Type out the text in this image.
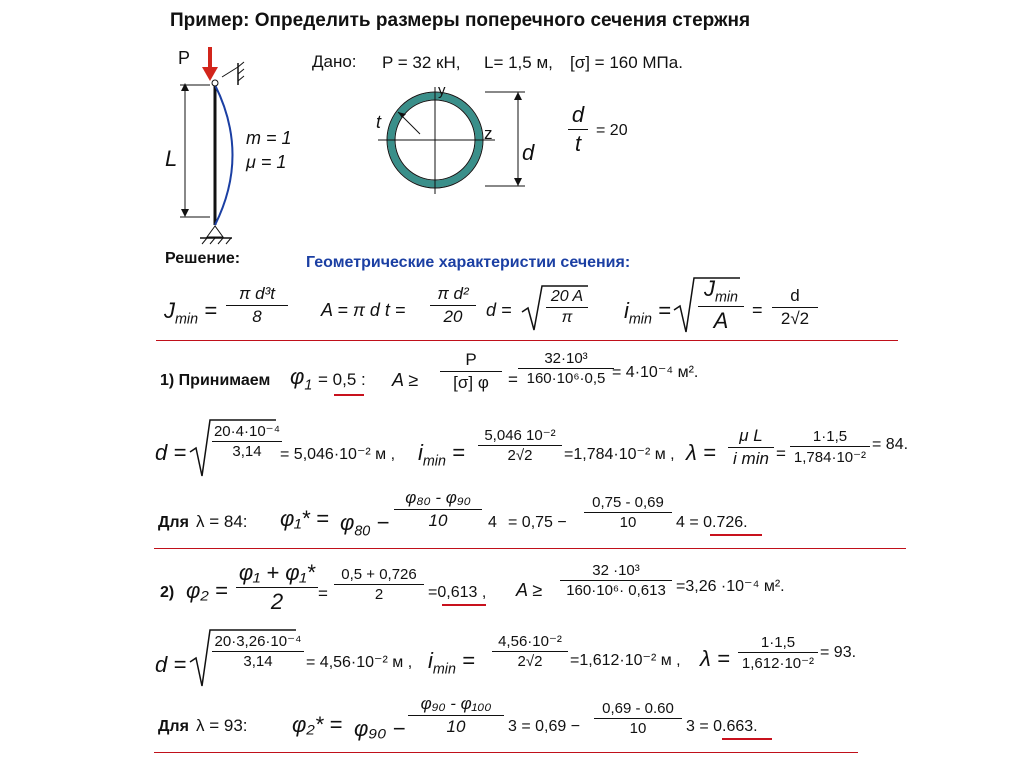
Пример: Определить размеры поперечного сечения стержня
P
L
m = 1
μ = 1
Дано: P = 32 кН, L= 1,5 м, [σ] = 160 МПа.
t
y
z
d
d
t
= 20
Решение:	Геометрические характеристии сечения:
$J_{min}$ =
π d³t
8	A = π d t =
π d²
20	d =
20 A
π	$i_{min}$ =
$J_{min}$
A	=
d
2√2
1) Принимаем $\varphi_1 = 0,5$ : A ≥
P
[σ] φ	=
32·10³
160·10⁶·0,5 = 4·10⁻⁴ м².
d =
20·4·10⁻⁴
3,14	= 5,046·10⁻² м , $i_{min}$ =
5,046 10⁻²
2√2	=1,784·10⁻² м , λ =
μ L
i min =
1·1,5
1,784·10⁻²
= 84.
Для λ = 84: $\varphi_1* = \varphi_{80}$ −
φ₈₀ - φ₉₀
10	4 = 0,75 −
0,75 - 0,69
10	4 = 0.726.
2) φ₂ =
φ₁ + φ₁*
2	=
0,5 + 0,726
2	=0,613 , A ≥
32 ·10³
160·10⁶· 0,613 =3,26 ·10⁻⁴ м².
d =
20·3,26·10⁻⁴
3,14	= 4,56·10⁻² м , $i_{min}$ =
4,56·10⁻²
2√2	=1,612·10⁻² м , λ =
1·1,5
1,612·10⁻²
= 93.
Для λ = 93: φ₂* = φ₉₀ −
φ₉₀ - φ₁₀₀
10	3 = 0,69 −
0,69 - 0.60
10	3 = 0.663.
